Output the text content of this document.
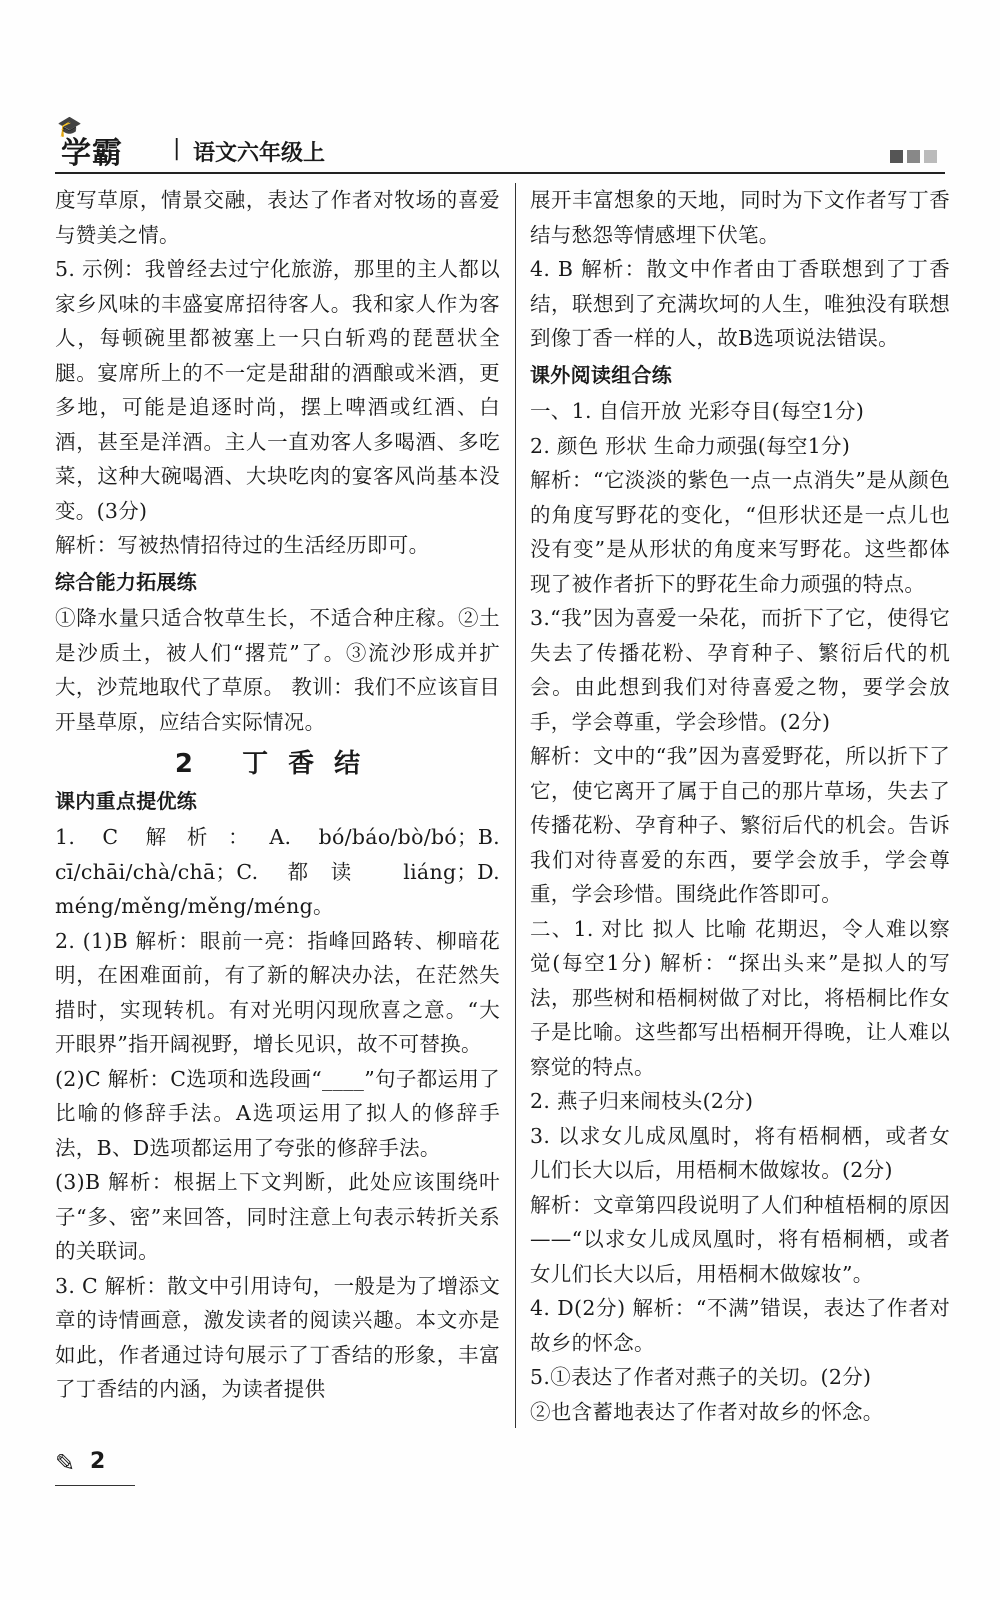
🎓
学霸 | 语文六年级上

度写草原，情景交融，表达了作者对牧场的喜爱与赞美之情。

5. 示例：我曾经去过宁化旅游，那里的主人都以家乡风味的丰盛宴席招待客人。我和家人作为客人，每顿碗里都被塞上一只白斩鸡的琵琶状全腿。宴席所上的不一定是甜甜的酒酿或米酒，更多地，可能是追逐时尚，摆上啤酒或红酒、白酒，甚至是洋酒。主人一直劝客人多喝酒、多吃菜，这种大碗喝酒、大块吃肉的宴客风尚基本没变。(3分)

解析：写被热情招待过的生活经历即可。

综合能力拓展练

①降水量只适合牧草生长，不适合种庄稼。②土是沙质土，被人们“撂荒”了。③流沙形成并扩大，沙荒地取代了草原。 教训：我们不应该盲目开垦草原，应结合实际情况。

2 丁香结
课内重点提优练

1. C 解析：A. bó/báo/bò/bó；B. cī/chāi/chà/chā；C. 都读 liáng；D. méng/měng/měng/méng。

2. (1)B 解析：眼前一亮：指峰回路转、柳暗花明，在困难面前，有了新的解决办法，在茫然失措时，实现转机。有对光明闪现欣喜之意。“大开眼界”指开阔视野，增长见识，故不可替换。

(2)C 解析：C选项和选段画“____”句子都运用了比喻的修辞手法。A选项运用了拟人的修辞手法，B、D选项都运用了夸张的修辞手法。

(3)B 解析：根据上下文判断，此处应该围绕叶子“多、密”来回答，同时注意上句表示转折关系的关联词。

3. C 解析：散文中引用诗句，一般是为了增添文章的诗情画意，激发读者的阅读兴趣。本文亦是如此，作者通过诗句展示了丁香结的形象，丰富了丁香结的内涵，为读者提供

展开丰富想象的天地，同时为下文作者写丁香结与愁怨等情感埋下伏笔。

4. B 解析：散文中作者由丁香联想到了丁香结，联想到了充满坎坷的人生，唯独没有联想到像丁香一样的人，故B选项说法错误。

课外阅读组合练

一、1. 自信开放 光彩夺目(每空1分)

2. 颜色 形状 生命力顽强(每空1分)

解析：“它淡淡的紫色一点一点消失”是从颜色的角度写野花的变化，“但形状还是一点儿也没有变”是从形状的角度来写野花。这些都体现了被作者折下的野花生命力顽强的特点。

3.“我”因为喜爱一朵花，而折下了它，使得它失去了传播花粉、孕育种子、繁衍后代的机会。由此想到我们对待喜爱之物，要学会放手，学会尊重，学会珍惜。(2分)

解析：文中的“我”因为喜爱野花，所以折下了它，使它离开了属于自己的那片草场，失去了传播花粉、孕育种子、繁衍后代的机会。告诉我们对待喜爱的东西，要学会放手，学会尊重，学会珍惜。围绕此作答即可。

二、1. 对比 拟人 比喻 花期迟，令人难以察觉(每空1分) 解析：“探出头来”是拟人的写法，那些树和梧桐树做了对比，将梧桐比作女子是比喻。这些都写出梧桐开得晚，让人难以察觉的特点。

2. 燕子归来闹枝头(2分)

3. 以求女儿成凤凰时，将有梧桐栖，或者女儿们长大以后，用梧桐木做嫁妆。(2分)

解析：文章第四段说明了人们种植梧桐的原因——“以求女儿成凤凰时，将有梧桐栖，或者女儿们长大以后，用梧桐木做嫁妆”。

4. D(2分) 解析：“不满”错误，表达了作者对故乡的怀念。

5.①表达了作者对燕子的关切。(2分)

②也含蓄地表达了作者对故乡的怀念。

✎ 2
